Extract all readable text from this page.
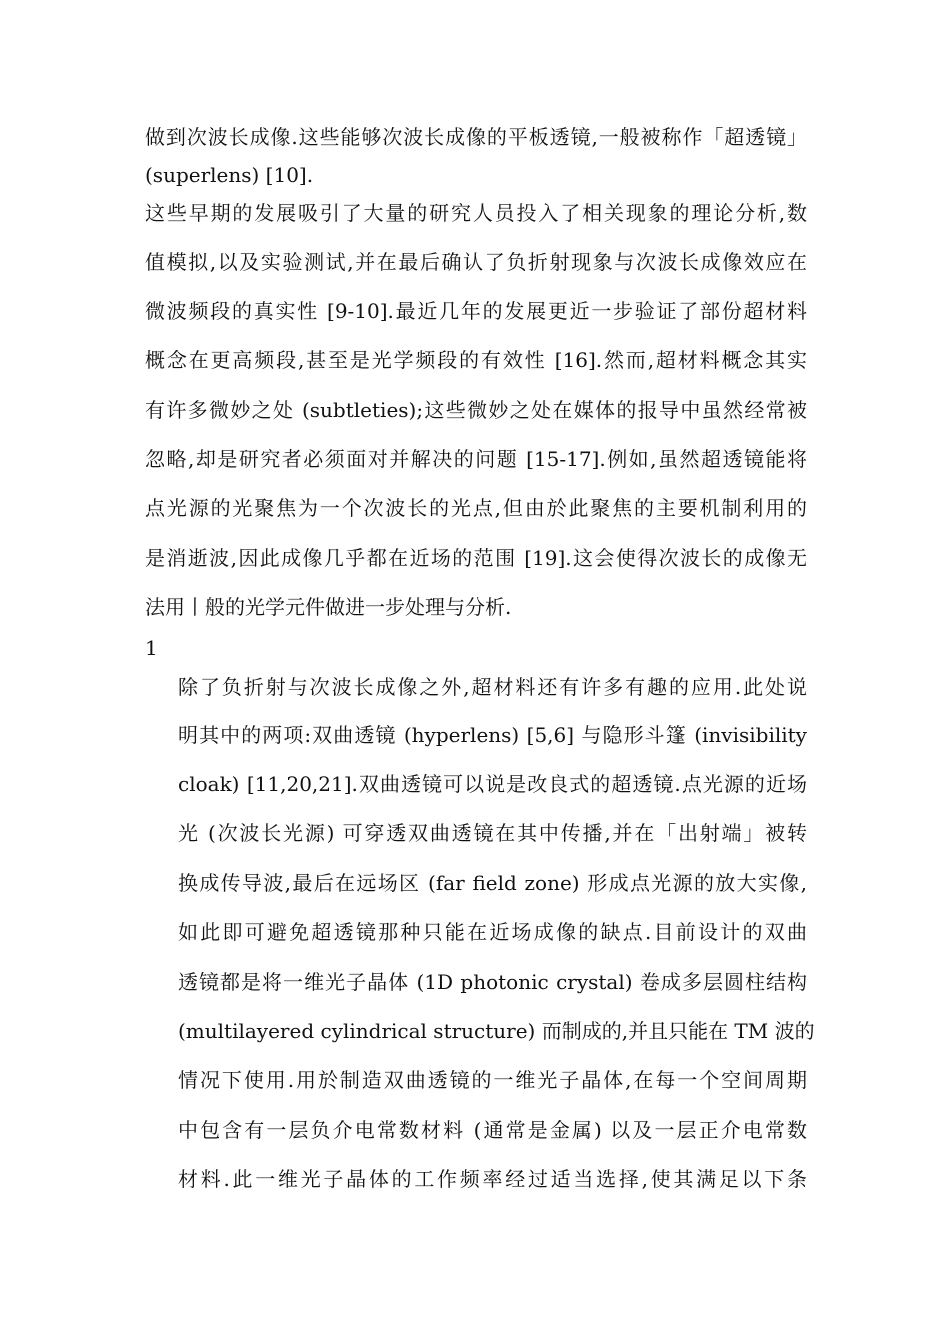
做到次波长成像.这些能够次波长成像的平板透镜,一般被称作「超透镜」
(superlens) [10].
这些早期的发展吸引了大量的研究人员投入了相关现象的理论分析,数
值模拟,以及实验测试,并在最后确认了负折射现象与次波长成像效应在
微波频段的真实性 [9-10].最近几年的发展更近一步验证了部份超材料
概念在更高频段,甚至是光学频段的有效性 [16].然而,超材料概念其实
有许多微妙之处 (subtleties);这些微妙之处在媒体的报导中虽然经常被
忽略,却是研究者必须面对并解决的问题 [15-17].例如,虽然超透镜能将
点光源的光聚焦为一个次波长的光点,但由於此聚焦的主要机制利用的
是消逝波,因此成像几乎都在近场的范围 [19].这会使得次波长的成像无
法用丨般的光学元件做进一步处理与分析.
1
除了负折射与次波长成像之外,超材料还有许多有趣的应用.此处说
明其中的两项:双曲透镜 (hyperlens) [5,6] 与隐形斗篷 (invisibility
cloak) [11,20,21].双曲透镜可以说是改良式的超透镜.点光源的近场
光 (次波长光源) 可穿透双曲透镜在其中传播,并在「出射端」被转
换成传导波,最后在远场区 (far field zone) 形成点光源的放大实像,
如此即可避免超透镜那种只能在近场成像的缺点.目前设计的双曲
透镜都是将一维光子晶体 (1D photonic crystal) 卷成多层圆柱结构
(multilayered cylindrical structure) 而制成的,并且只能在 TM 波的
情况下使用.用於制造双曲透镜的一维光子晶体,在每一个空间周期
中包含有一层负介电常数材料 (通常是金属) 以及一层正介电常数
材料.此一维光子晶体的工作频率经过适当选择,使其满足以下条
